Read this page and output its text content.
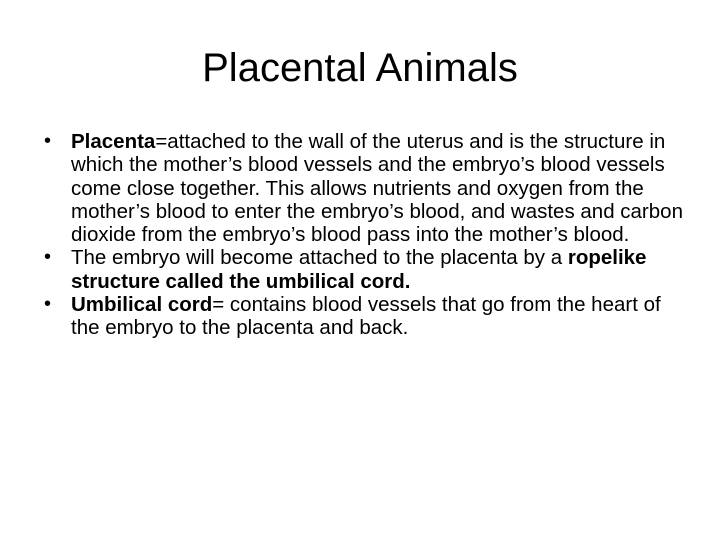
Placental Animals
• Placenta=attached to the wall of the uterus and is the structure in which the mother’s blood vessels and the embryo’s blood vessels come close together. This allows nutrients and oxygen from the mother’s blood to enter the embryo’s blood, and wastes and carbon dioxide from the embryo’s blood pass into the mother’s blood.
• The embryo will become attached to the placenta by a ropelike structure called the umbilical cord.
• Umbilical cord= contains blood vessels that go from the heart of the embryo to the placenta and back.
